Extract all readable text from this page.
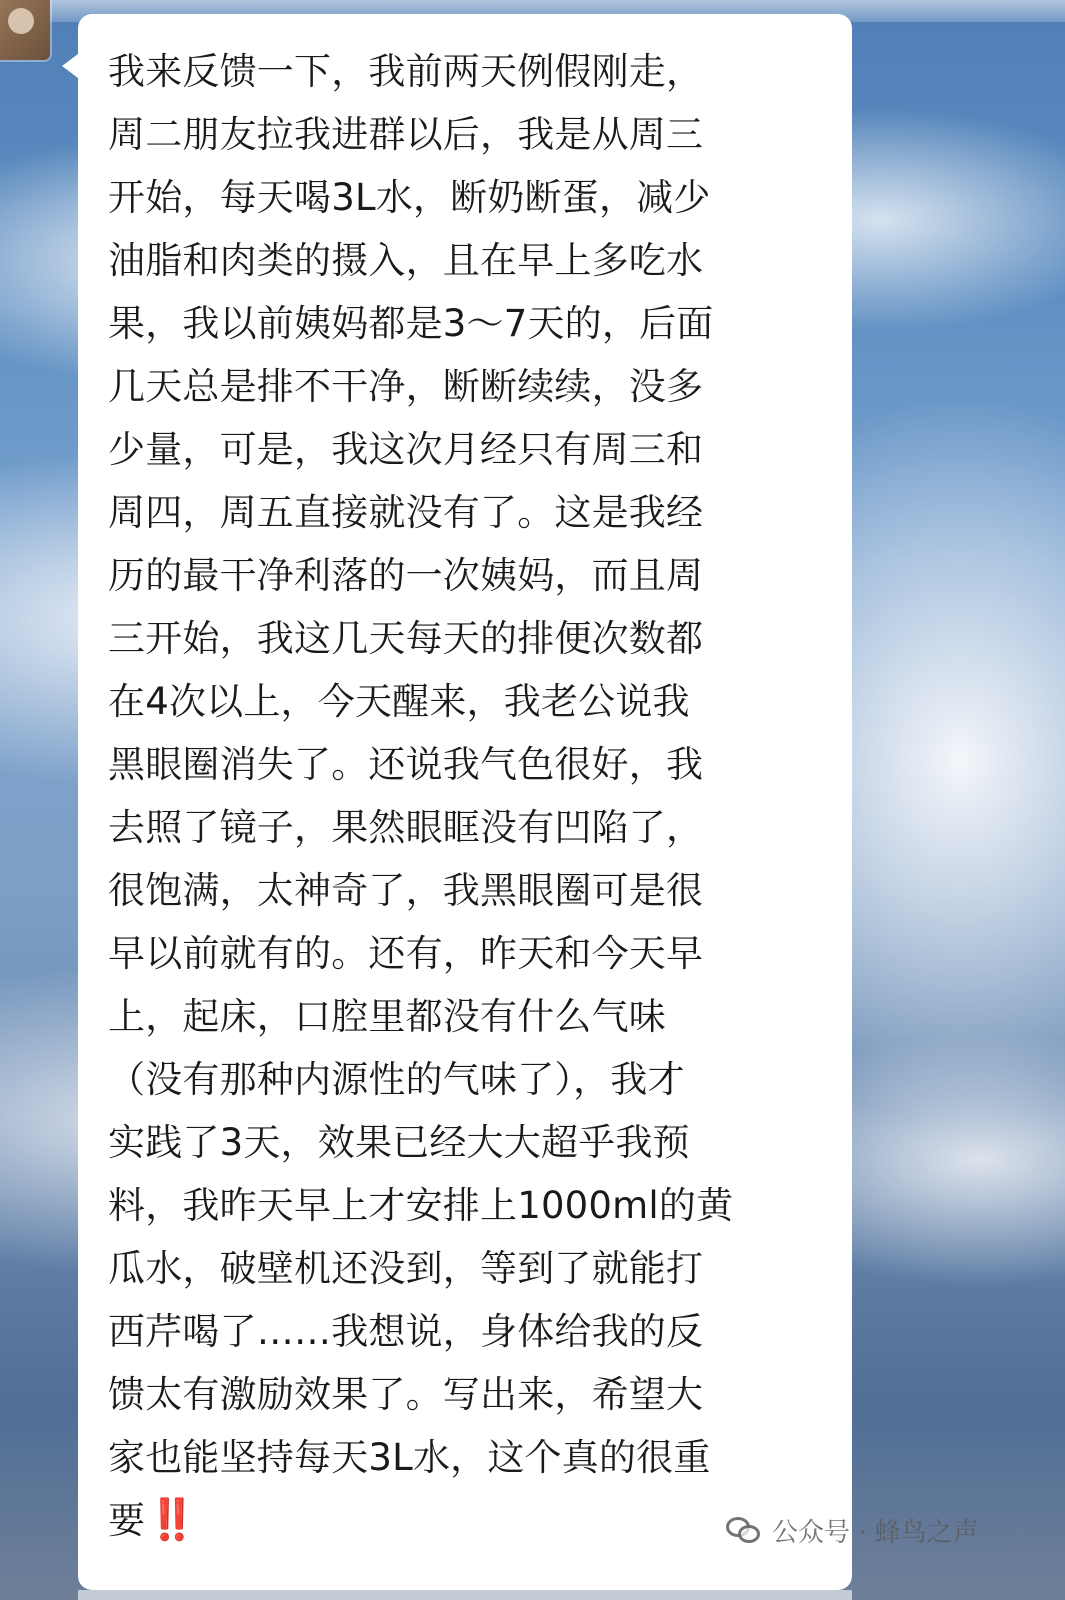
我来反馈一下，我前两天例假刚走，
周二朋友拉我进群以后，我是从周三
开始，每天喝3L水，断奶断蛋，减少
油脂和肉类的摄入，且在早上多吃水
果，我以前姨妈都是3～7天的，后面
几天总是排不干净，断断续续，没多
少量，可是，我这次月经只有周三和
周四，周五直接就没有了。这是我经
历的最干净利落的一次姨妈，而且周
三开始，我这几天每天的排便次数都
在4次以上，今天醒来，我老公说我
黑眼圈消失了。还说我气色很好，我
去照了镜子，果然眼眶没有凹陷了，
很饱满，太神奇了，我黑眼圈可是很
早以前就有的。还有，昨天和今天早
上，起床，口腔里都没有什么气味
（没有那种内源性的气味了），我才
实践了3天，效果已经大大超乎我预
料，我昨天早上才安排上1000ml的黄
瓜水，破壁机还没到，等到了就能打
西芹喝了……我想说，身体给我的反
馈太有激励效果了。写出来，希望大
家也能坚持每天3L水，这个真的很重
要‼️	公众号 · 蜂鸟之声
